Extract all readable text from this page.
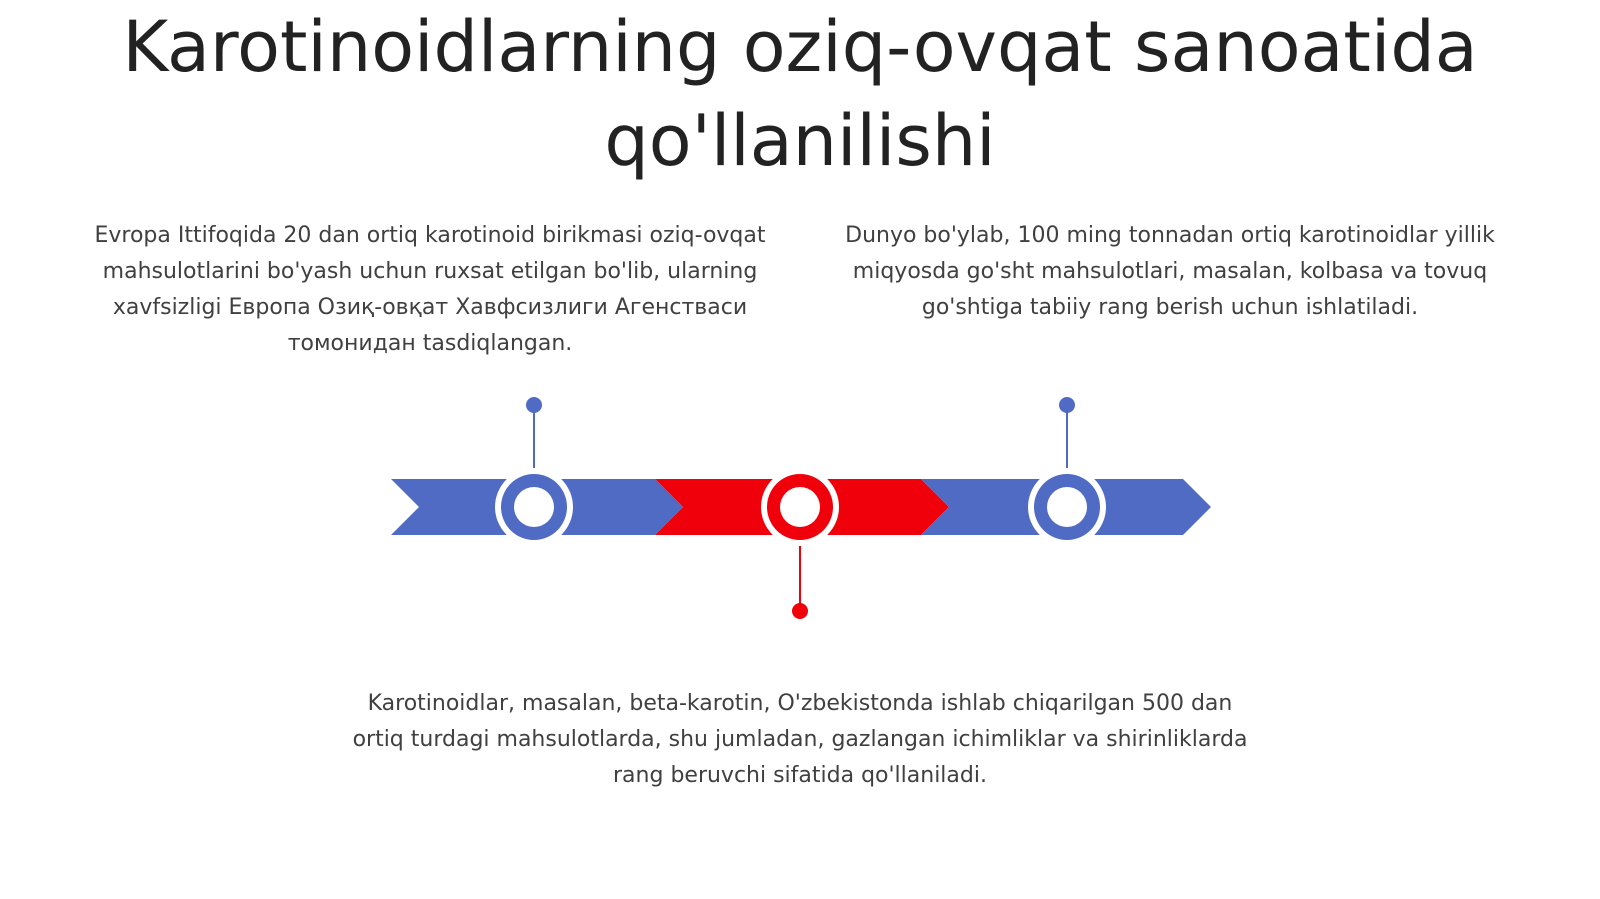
Karotinoidlarning oziq-ovqat sanoatida
qo'llanilishi
Evropa Ittifoqida 20 dan ortiq karotinoid birikmasi oziq-ovqat mahsulotlarini bo'yash uchun ruxsat etilgan bo'lib, ularning xavfsizligi Европа Озиқ-овқат Хавфсизлиги Агенстваси томонидан tasdiqlangan.
Dunyo bo'ylab, 100 ming tonnadan ortiq karotinoidlar yillik miqyosda go'sht mahsulotlari, masalan, kolbasa va tovuq go'shtiga tabiiy rang berish uchun ishlatiladi.
Karotinoidlar, masalan, beta-karotin, O'zbekistonda ishlab chiqarilgan 500 dan ortiq turdagi mahsulotlarda, shu jumladan, gazlangan ichimliklar va shirinliklarda rang beruvchi sifatida qo'llaniladi.
